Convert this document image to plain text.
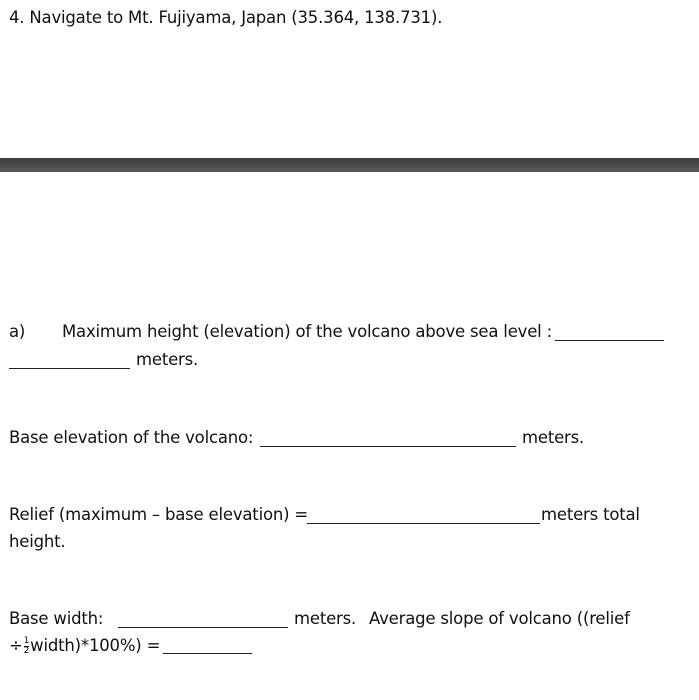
4. Navigate to Mt. Fujiyama, Japan (35.364, 138.731).
a) Maximum height (elevation) of the volcano above sea level :
meters.
Base elevation of the volcano:	meters.
Relief (maximum – base elevation) =	meters total
height.
Base width:	meters. Average slope of volcano ((relief
÷ $\frac{1}{2}$ width)*100%) =
